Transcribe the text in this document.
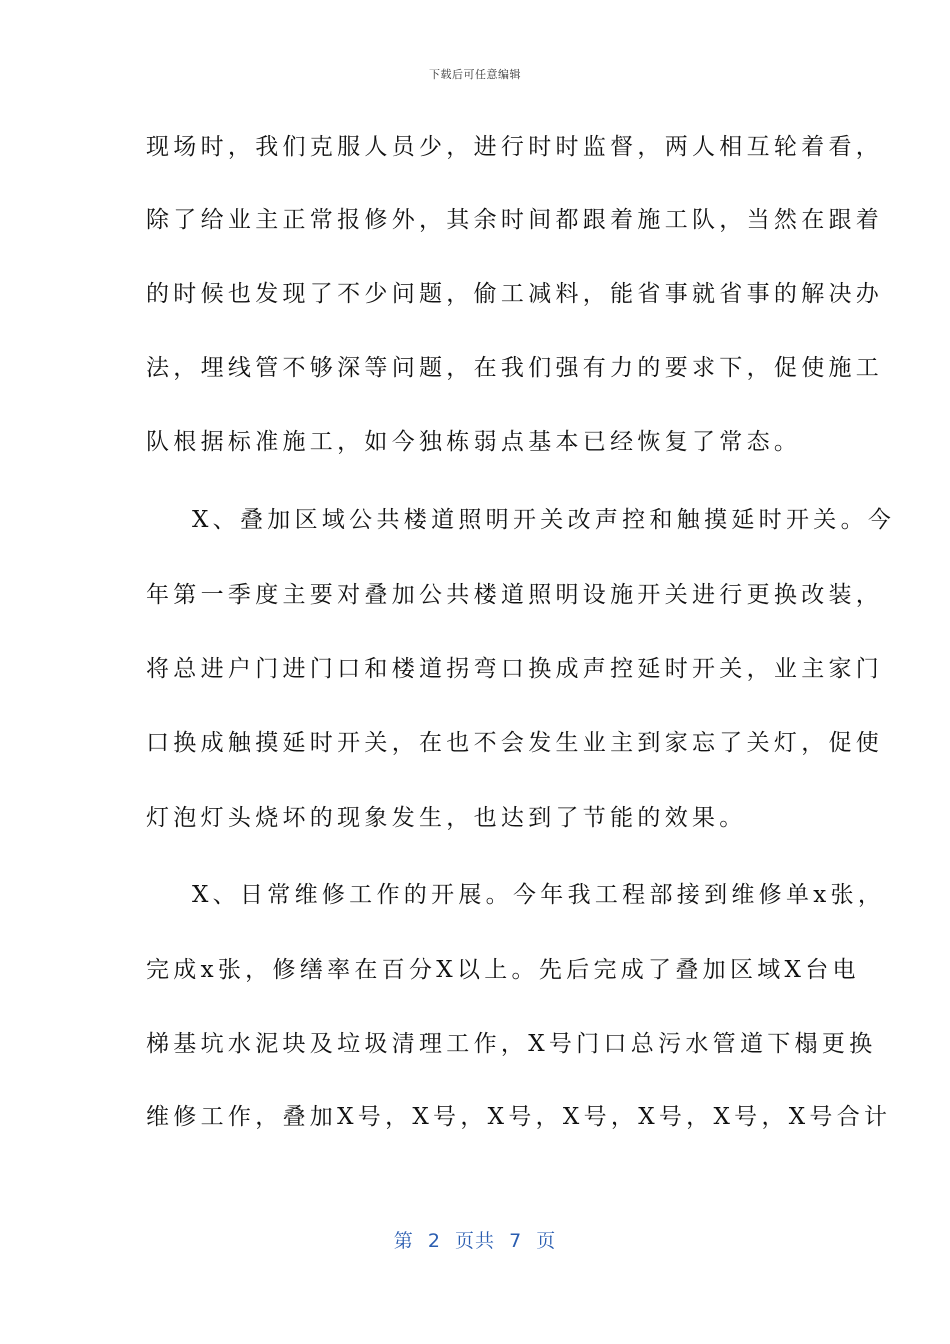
下载后可任意编辑
现场时，我们克服人员少，进行时时监督，两人相互轮着看，
除了给业主正常报修外，其余时间都跟着施工队，当然在跟着
的时候也发现了不少问题，偷工减料，能省事就省事的解决办
法，埋线管不够深等问题，在我们强有力的要求下，促使施工
队根据标准施工，如今独栋弱点基本已经恢复了常态。
X、叠加区域公共楼道照明开关改声控和触摸延时开关。今
年第一季度主要对叠加公共楼道照明设施开关进行更换改装，
将总进户门进门口和楼道拐弯口换成声控延时开关，业主家门
口换成触摸延时开关，在也不会发生业主到家忘了关灯，促使
灯泡灯头烧坏的现象发生，也达到了节能的效果。
X、日常维修工作的开展。今年我工程部接到维修单x张，
完成x张，修缮率在百分X以上。先后完成了叠加区域X台电
梯基坑水泥块及垃圾清理工作，X号门口总污水管道下榻更换
维修工作，叠加X号，X号，X号，X号，X号，X号，X号合计
第  2  页共  7  页
